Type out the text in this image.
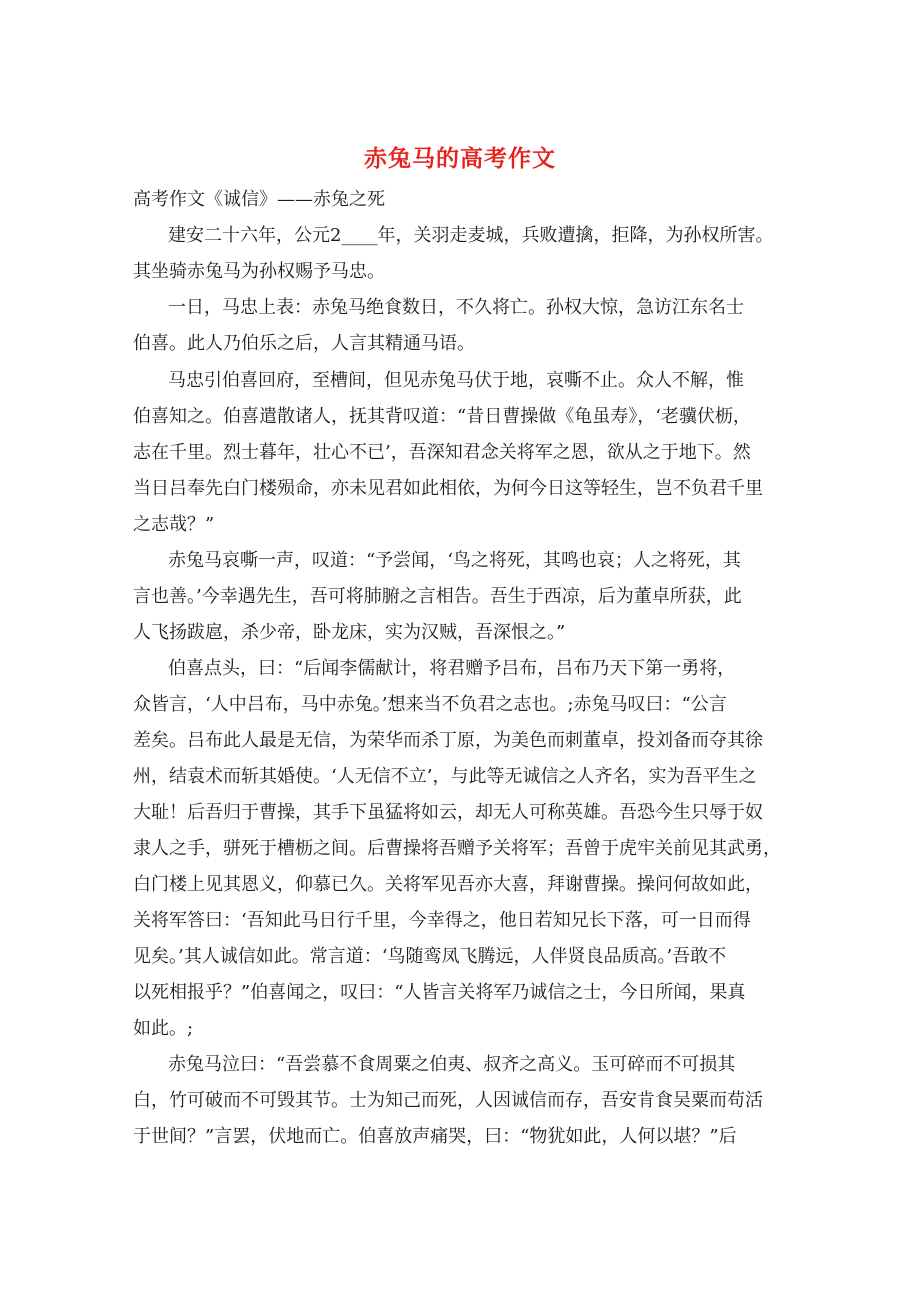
赤兔马的高考作文
高考作文《诚信》——赤兔之死
建安二十六年，公元2____年，关羽走麦城，兵败遭擒，拒降，为孙权所害。
其坐骑赤兔马为孙权赐予马忠。
一日，马忠上表：赤兔马绝食数日，不久将亡。孙权大惊，急访江东名士
伯喜。此人乃伯乐之后，人言其精通马语。
马忠引伯喜回府，至槽间，但见赤兔马伏于地，哀嘶不止。众人不解，惟
伯喜知之。伯喜遣散诸人，抚其背叹道：“昔日曹操做《龟虽寿》，‘老骥伏枥，
志在千里。烈士暮年，壮心不已’，吾深知君念关将军之恩，欲从之于地下。然
当日吕奉先白门楼殒命，亦未见君如此相依，为何今日这等轻生，岂不负君千里
之志哉？”
赤兔马哀嘶一声，叹道：“予尝闻，‘鸟之将死，其鸣也哀；人之将死，其
言也善。’今幸遇先生，吾可将肺腑之言相告。吾生于西凉，后为董卓所获，此
人飞扬跋扈，杀少帝，卧龙床，实为汉贼，吾深恨之。”
伯喜点头，曰：“后闻李儒献计，将君赠予吕布，吕布乃天下第一勇将，
众皆言，‘人中吕布，马中赤兔。’想来当不负君之志也。;赤兔马叹曰：“公言
差矣。吕布此人最是无信，为荣华而杀丁原，为美色而刺董卓，投刘备而夺其徐
州，结袁术而斩其婚使。‘人无信不立’，与此等无诚信之人齐名，实为吾平生之
大耻！后吾归于曹操，其手下虽猛将如云，却无人可称英雄。吾恐今生只辱于奴
隶人之手，骈死于槽枥之间。后曹操将吾赠予关将军；吾曾于虎牢关前见其武勇，
白门楼上见其恩义，仰慕已久。关将军见吾亦大喜，拜谢曹操。操问何故如此，
关将军答曰：‘吾知此马日行千里，今幸得之，他日若知兄长下落，可一日而得
见矣。’其人诚信如此。常言道：‘鸟随鸾凤飞腾远，人伴贤良品质高。’吾敢不
以死相报乎？”伯喜闻之，叹曰：“人皆言关将军乃诚信之士，今日所闻，果真
如此。;
赤兔马泣曰：“吾尝慕不食周粟之伯夷、叔齐之高义。玉可碎而不可损其
白，竹可破而不可毁其节。士为知己而死，人因诚信而存，吾安肯食吴粟而苟活
于世间？”言罢，伏地而亡。伯喜放声痛哭，曰：“物犹如此，人何以堪？”后
